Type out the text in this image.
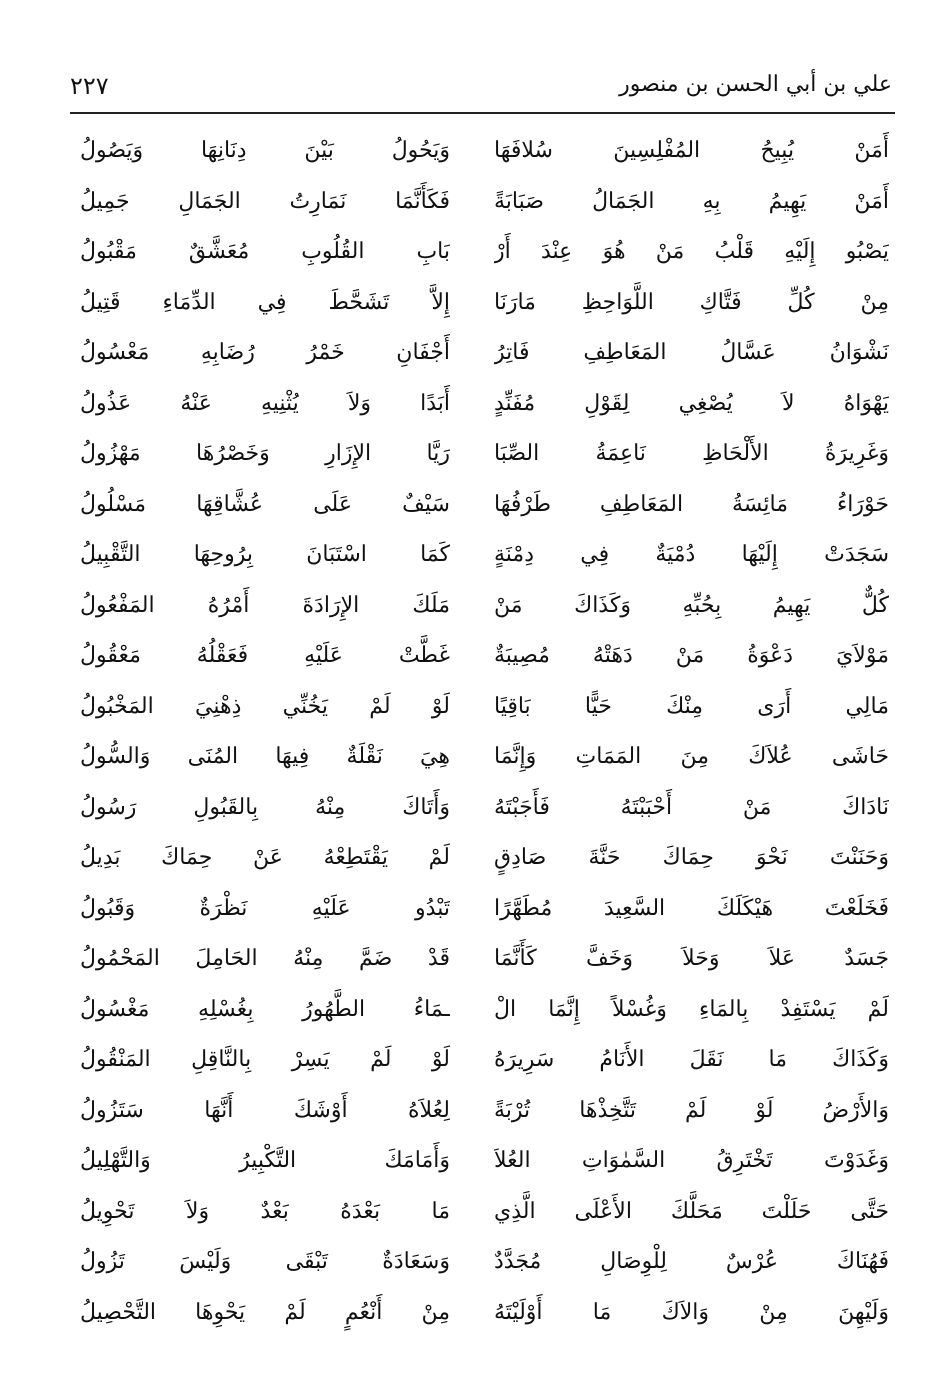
علي بن أبي الحسن بن منصور
٢٢٧
أَمَنْ يُبِيحُ المُفْلِسِينَ سُلافَهَا
وَيَحُولُ بَيْنَ دِنَانِهَا وَيَصُولُ
أَمَنْ يَهِيمُ بِهِ الجَمَالُ صَبَابَةً
فَكَأَنَّمَا نَمَارِتُ الجَمَالِ جَمِيلُ
يَصْبُو إِلَيْهِ قَلْبُ مَنْ هُوَ عِنْدَ أَرْ
بَابِ القُلُوبِ مُعَشَّقٌ مَقْبُولُ
مِنْ كُلِّ فَتَّاكِ اللَّوَاحِظِ مَارَنَا
إِلاَّ تَشَحَّطَ فِي الدِّمَاءِ قَتِيلُ
نَشْوَانُ عَسَّالُ المَعَاطِفِ فَاتِرُ
أَجْفَانِ خَمْرُ رُضَابِهِ مَعْسُولُ
يَهْوَاهُ لاَ يُصْغِي لِقَوْلِ مُفَنِّدٍ
أَبَدًا وَلاَ يُثْنِيهِ عَنْهُ عَذُولُ
وَغَرِيرَةُ الأَلْحَاظِ نَاعِمَةُ الصِّبَا
رَيَّا الإِزَارِ وَخَصْرُهَا مَهْزُولُ
حَوْرَاءُ مَائِسَةُ المَعَاطِفِ طَرْفُهَا
سَيْفٌ عَلَى عُشَّاقِهَا مَسْلُولُ
سَجَدَتْ إِلَيْهَا دُمْيَةٌ فِي دِمْنَةٍ
كَمَا اسْتَبَانَ بِرُوحِهَا التَّقْبِيلُ
كُلٌّ يَهِيمُ بِحُبِّهِ وَكَذَاكَ مَنْ
مَلَكَ الإِرَادَةَ أَمْرُهُ المَفْعُولُ
مَوْلاَيَ دَعْوَةُ مَنْ دَهَتْهُ مُصِيبَةٌ
غَطَّتْ عَلَيْهِ فَعَقْلُهُ مَعْقُولُ
مَالِي أَرَى مِنْكَ حَيًّا بَاقِيًا
لَوْ لَمْ يَخُنِّي ذِهْنِيَ المَخْبُولُ
حَاشَى عُلاَكَ مِنَ المَمَاتِ وَإِنَّمَا
هِيَ نَقْلَةٌ فِيهَا المُنَى وَالسُّولُ
نَادَاكَ مَنْ أَحْبَبْتَهُ فَأَجَبْتَهُ
وَأَتَاكَ مِنْهُ بِالقَبُولِ رَسُولُ
وَحَنَنْتَ نَحْوَ حِمَاكَ حَنَّةَ صَادِقٍ
لَمْ يَقْتَطِعْهُ عَنْ حِمَاكَ بَدِيلُ
فَخَلَعْتَ هَيْكَلَكَ السَّعِيدَ مُطَهَّرًا
تَبْدُو عَلَيْهِ نَظْرَةٌ وَقَبُولُ
جَسَدٌ عَلاَ وَحَلاَ وَخَفَّ كَأَنَّمَا
قَدْ ضَمَّ مِنْهُ الحَامِلَ المَحْمُولُ
لَمْ يَسْتَفِدْ بِالمَاءِ وَغُسْلاً إِنَّمَا الْ
ـمَاءُ الطَّهُورُ بِغُسْلِهِ مَغْسُولُ
وَكَذَاكَ مَا نَقَلَ الأَنَامُ سَرِيرَهُ
لَوْ لَمْ يَسِرْ بِالنَّاقِلِ المَنْقُولُ
وَالأَرْضُ لَوْ لَمْ تَتَّخِذْهَا تُرْبَةً
لِعُلاَهُ أَوْشَكَ أَنَّهَا سَتَزُولُ
وَغَدَوْتَ تَخْتَرِقُ السَّمٰوَاتِ العُلاَ
وَأَمَامَكَ التَّكْبِيرُ وَالتَّهْلِيلُ
حَتَّى حَلَلْتَ مَحَلَّكَ الأَعْلَى الَّذِي
مَا بَعْدَهُ بَعْدٌ وَلاَ تَحْوِيلُ
فَهُنَاكَ عُرْسٌ لِلْوِصَالِ مُجَدَّدٌ
وَسَعَادَةٌ تَبْقَى وَلَيْسَ تَزُولُ
وَلَيْهِنَ مِنْ وَالاَكَ مَا أَوْلَيْتَهُ
مِنْ أَنْعُمٍ لَمْ يَحْوِهَا التَّحْصِيلُ
